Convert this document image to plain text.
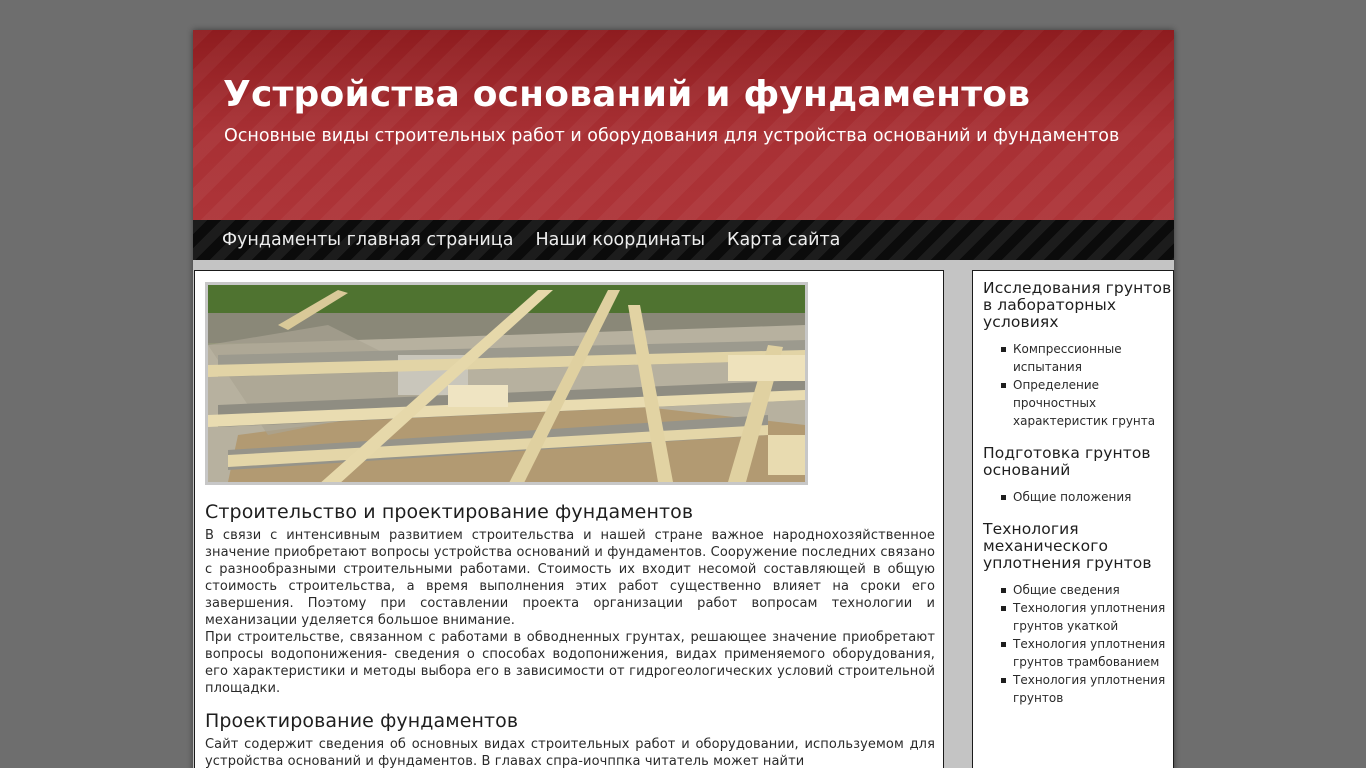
Устройства оснований и фундаментов
Основные виды строительных работ и оборудования для устройства оснований и фундаментов
Фундаменты главная страница Наши координаты Карта сайта
Строительство и проектирование фундаментов

В связи с интенсивным развитием строительства и нашей стране важное народнохозяйственное значение приобретают вопросы устройства оснований и фундаментов. Сооружение последних связано с разнообразными строительными работами. Стоимость их входит несомой составляющей в общую стоимость строительства, а время выполнения этих работ существенно влияет на сроки его завершения. Поэтому при составлении проекта организации работ вопросам технологии и механизации уделяется большое внимание.

При строительстве, связанном с работами в обводненных грунтах, решающее значение приобретают вопросы водопонижения- сведения о способах водопонижения, видах применяемого оборудования, его характеристики и методы выбора его в зависимости от гидрогеологических условий строительной площадки.

Проектирование фундаментов

Сайт содержит сведения об основных видах строительных работ и оборудовании, используемом для устройства оснований и фундаментов. В главах спра-иочппка читатель может найти

Исследования грунтов в лабораторных условиях
Компрессионные испытания
Определение прочностных характеристик грунта
Подготовка грунтов оснований
Общие положения
Технология механического уплотнения грунтов
Общие сведения
Технология уплотнения грунтов укаткой
Технология уплотнения грунтов трамбованием
Технология уплотнения грунтов
